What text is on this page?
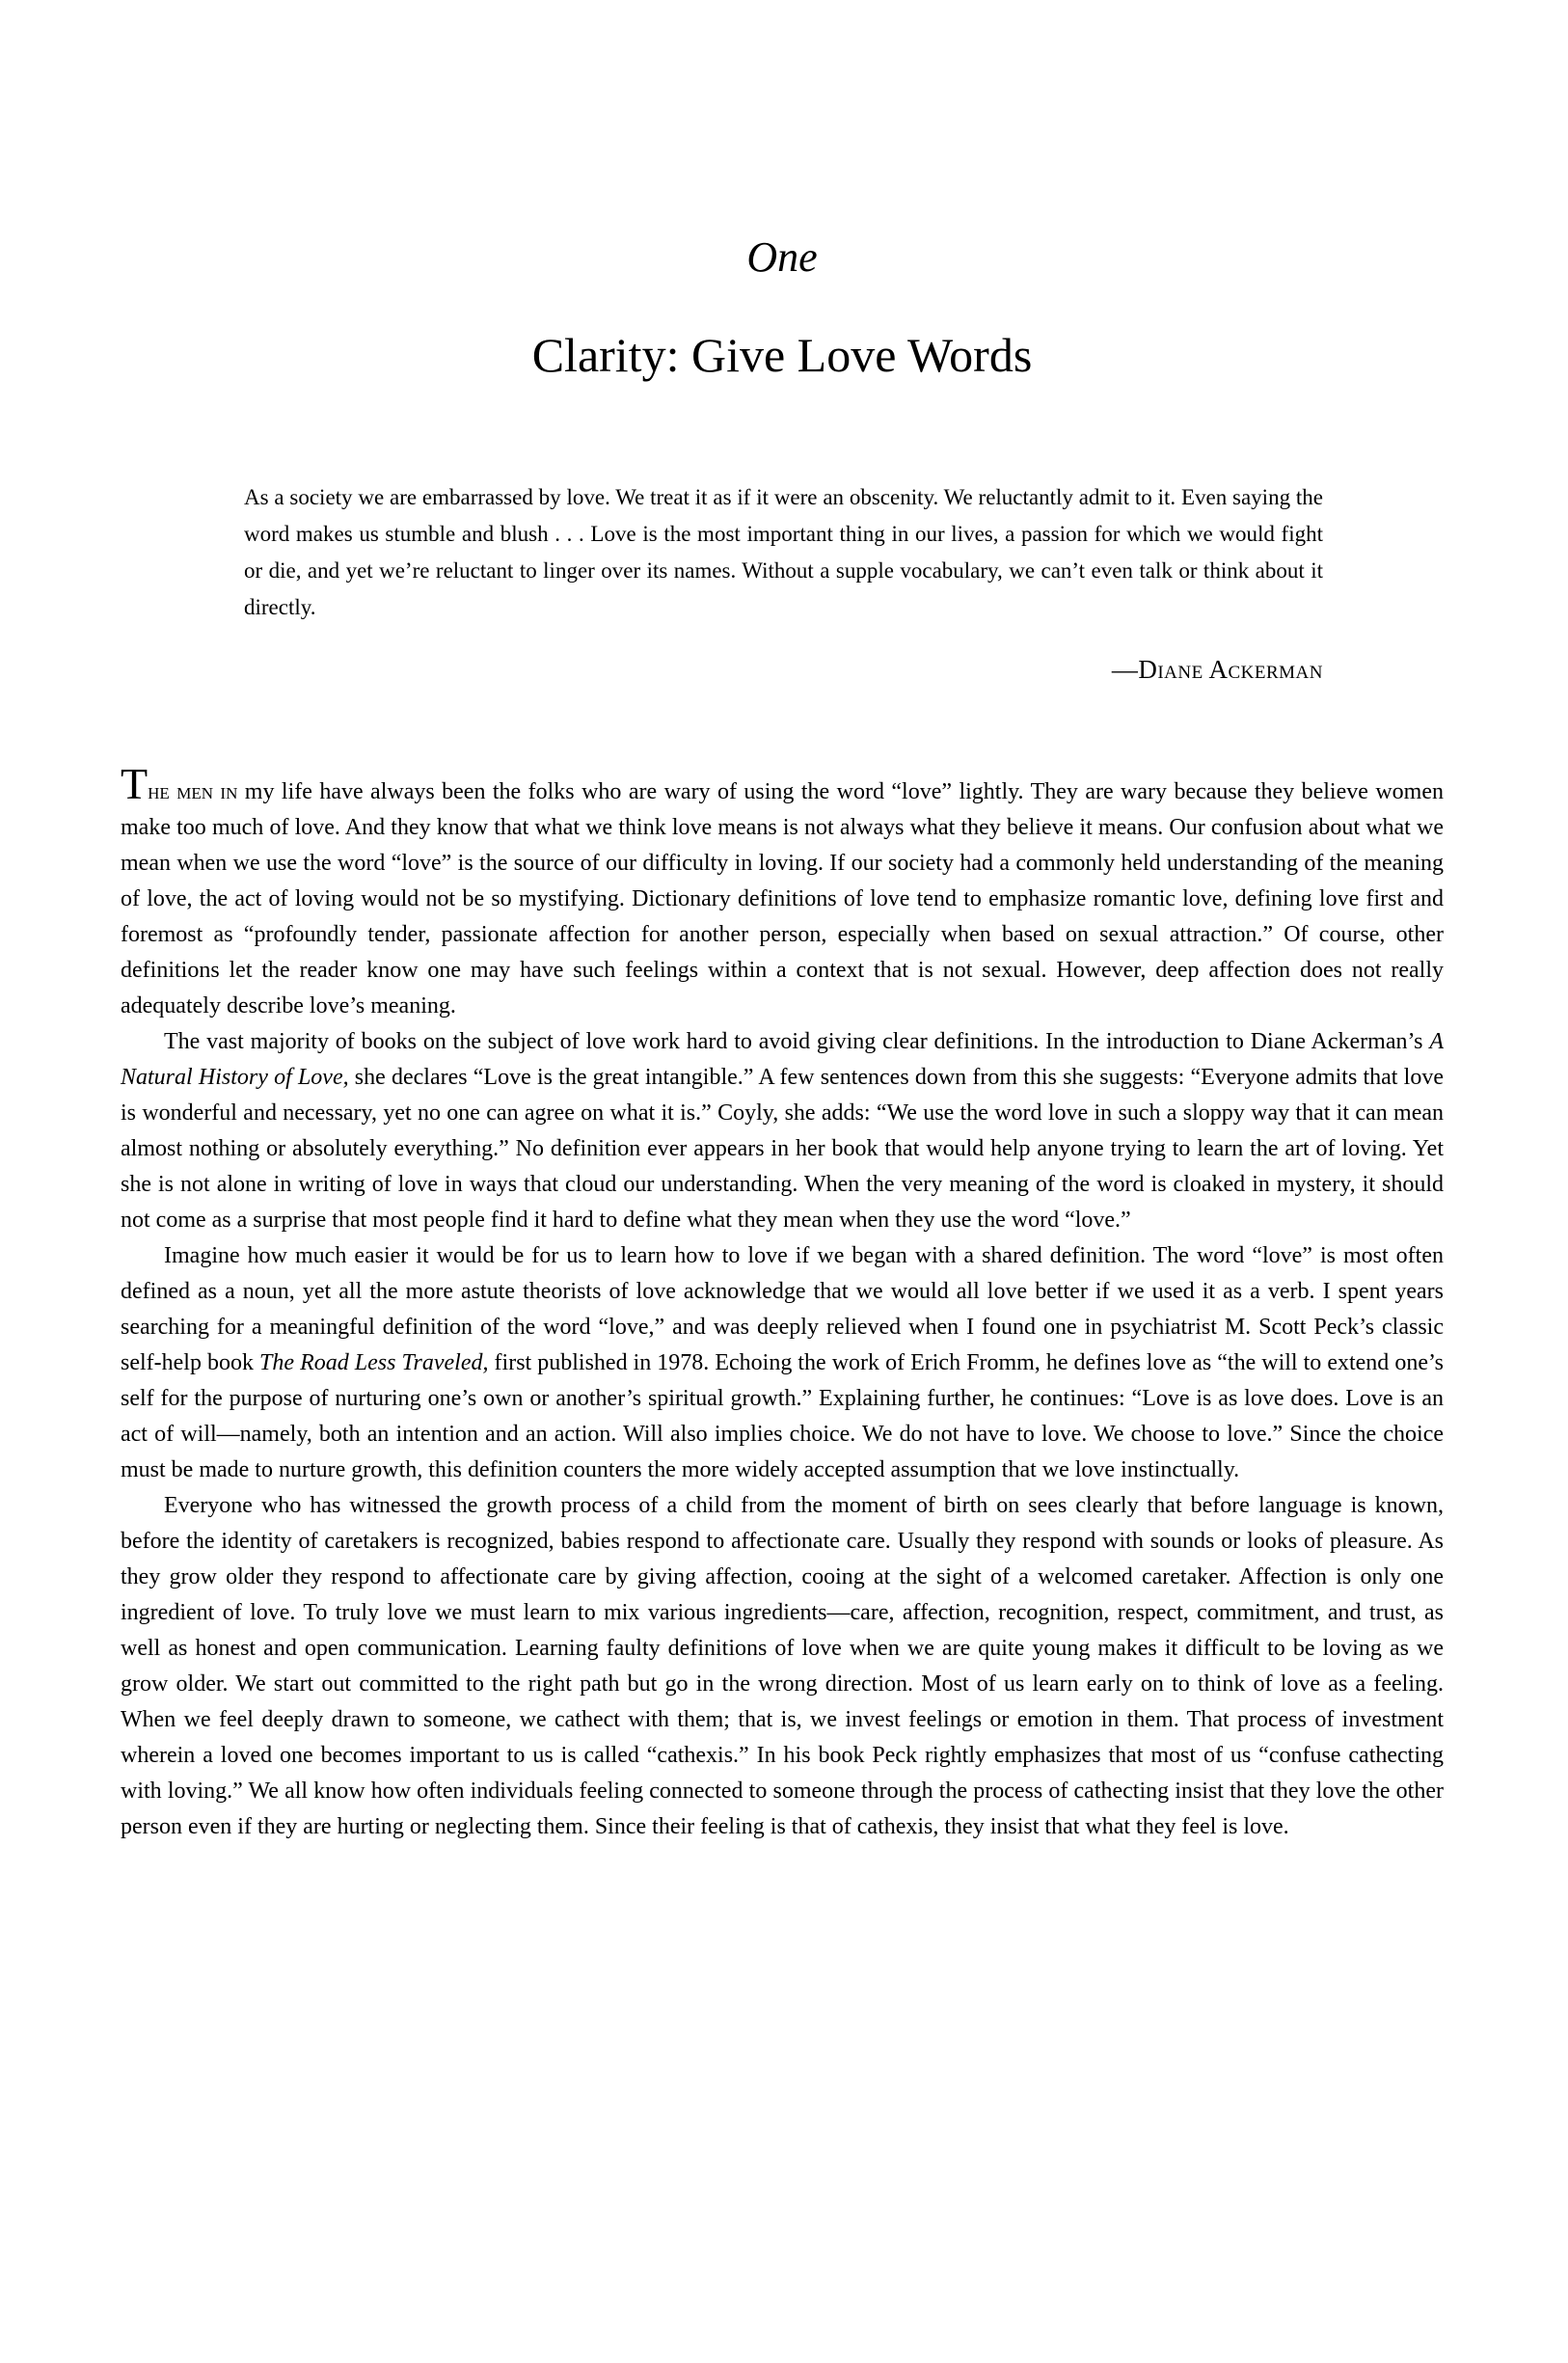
One
Clarity: Give Love Words

As a society we are embarrassed by love. We treat it as if it were an obscenity. We reluctantly admit to it. Even saying the word makes us stumble and blush . . . Love is the most important thing in our lives, a passion for which we would fight or die, and yet we’re reluctant to linger over its names. Without a supple vocabulary, we can’t even talk or think about it directly.

—Diane Ackerman

The men in my life have always been the folks who are wary of using the word “love” lightly. They are wary because they believe women make too much of love. And they know that what we think love means is not always what they believe it means. Our confusion about what we mean when we use the word “love” is the source of our difficulty in loving. If our society had a commonly held understanding of the meaning of love, the act of loving would not be so mystifying. Dictionary definitions of love tend to emphasize romantic love, defining love first and foremost as “profoundly tender, passionate affection for another person, especially when based on sexual attraction.” Of course, other definitions let the reader know one may have such feelings within a context that is not sexual. However, deep affection does not really adequately describe love’s meaning.

The vast majority of books on the subject of love work hard to avoid giving clear definitions. In the introduction to Diane Ackerman’s A Natural History of Love, she declares “Love is the great intangible.” A few sentences down from this she suggests: “Everyone admits that love is wonderful and necessary, yet no one can agree on what it is.” Coyly, she adds: “We use the word love in such a sloppy way that it can mean almost nothing or absolutely everything.” No definition ever appears in her book that would help anyone trying to learn the art of loving. Yet she is not alone in writing of love in ways that cloud our understanding. When the very meaning of the word is cloaked in mystery, it should not come as a surprise that most people find it hard to define what they mean when they use the word “love.”

Imagine how much easier it would be for us to learn how to love if we began with a shared definition. The word “love” is most often defined as a noun, yet all the more astute theorists of love acknowledge that we would all love better if we used it as a verb. I spent years searching for a meaningful definition of the word “love,” and was deeply relieved when I found one in psychiatrist M. Scott Peck’s classic self-help book The Road Less Traveled, first published in 1978. Echoing the work of Erich Fromm, he defines love as “the will to extend one’s self for the purpose of nurturing one’s own or another’s spiritual growth.” Explaining further, he continues: “Love is as love does. Love is an act of will—namely, both an intention and an action. Will also implies choice. We do not have to love. We choose to love.” Since the choice must be made to nurture growth, this definition counters the more widely accepted assumption that we love instinctually.

Everyone who has witnessed the growth process of a child from the moment of birth on sees clearly that before language is known, before the identity of caretakers is recognized, babies respond to affectionate care. Usually they respond with sounds or looks of pleasure. As they grow older they respond to affectionate care by giving affection, cooing at the sight of a welcomed caretaker. Affection is only one ingredient of love. To truly love we must learn to mix various ingredients—care, affection, recognition, respect, commitment, and trust, as well as honest and open communication. Learning faulty definitions of love when we are quite young makes it difficult to be loving as we grow older. We start out committed to the right path but go in the wrong direction. Most of us learn early on to think of love as a feeling. When we feel deeply drawn to someone, we cathect with them; that is, we invest feelings or emotion in them. That process of investment wherein a loved one becomes important to us is called “cathexis.” In his book Peck rightly emphasizes that most of us “confuse cathecting with loving.” We all know how often individuals feeling connected to someone through the process of cathecting insist that they love the other person even if they are hurting or neglecting them. Since their feeling is that of cathexis, they insist that what they feel is love.
